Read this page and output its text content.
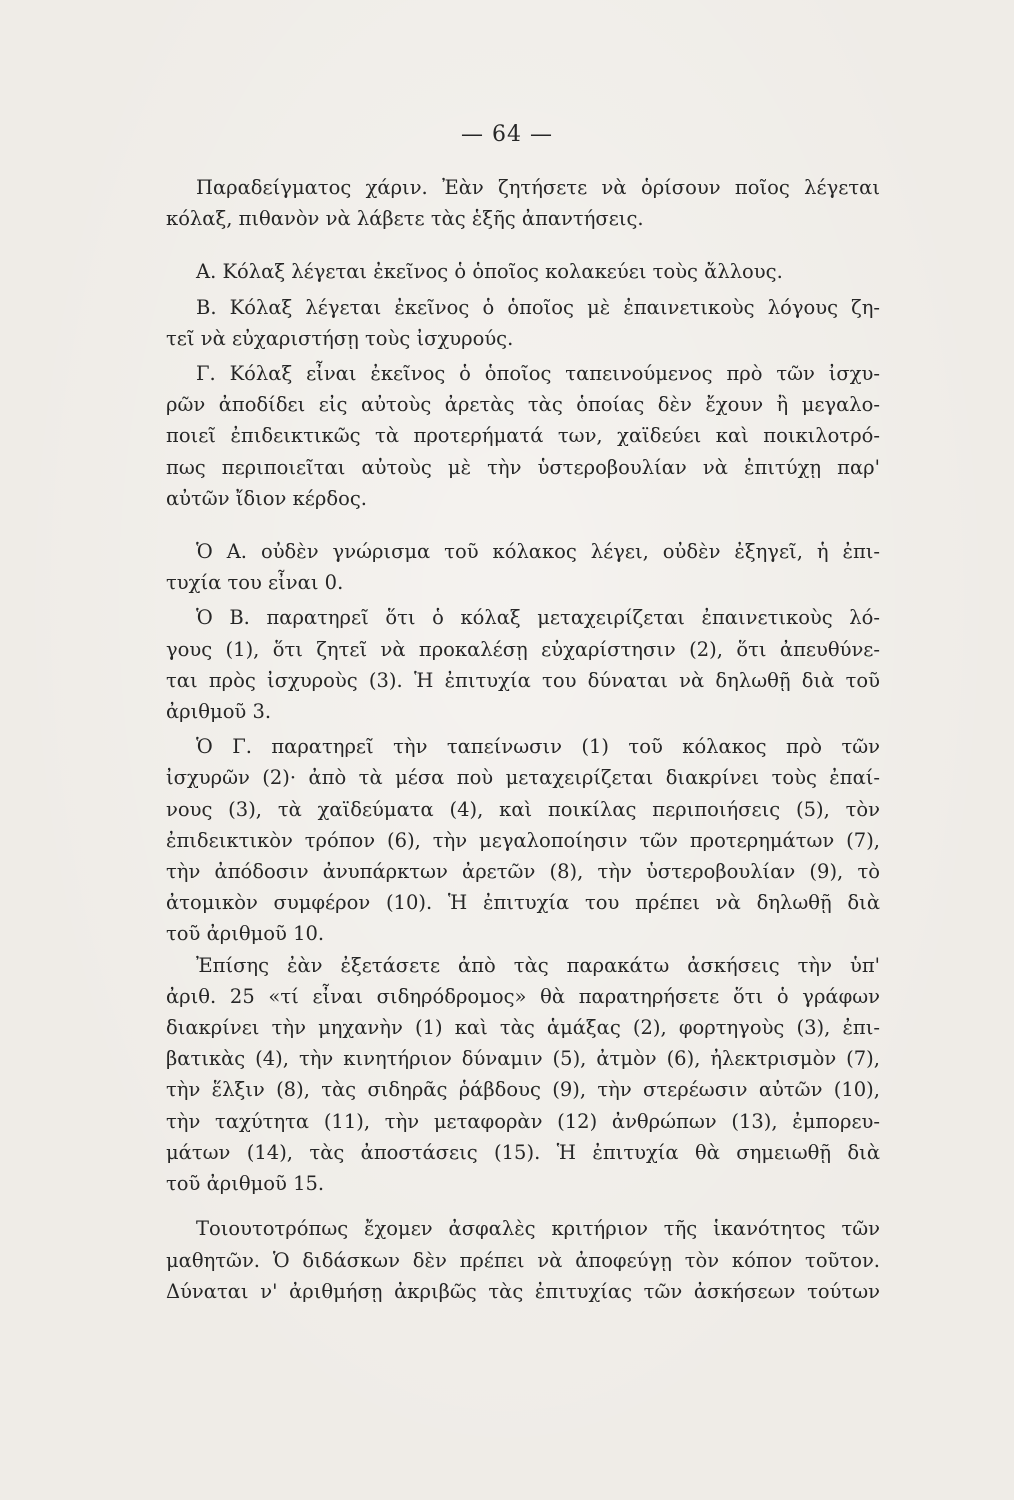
— 64 —

Παραδείγματος χάριν. Ἐὰν ζητήσετε νὰ ὁρίσουν ποῖος λέγεται
κόλαξ, πιθανὸν νὰ λάβετε τὰς ἑξῆς ἀπαντήσεις.

Α. Κόλαξ λέγεται ἐκεῖνος ὁ ὁποῖος κολακεύει τοὺς ἄλλους.

Β. Κόλαξ λέγεται ἐκεῖνος ὁ ὁποῖος μὲ ἐπαινετικοὺς λόγους ζη-
τεῖ νὰ εὐχαριστήσῃ τοὺς ἰσχυρούς.

Γ. Κόλαξ εἶναι ἐκεῖνος ὁ ὁποῖος ταπεινούμενος πρὸ τῶν ἰσχυ-
ρῶν ἀποδίδει εἰς αὐτοὺς ἀρετὰς τὰς ὁποίας δὲν ἔχουν ἢ μεγαλο-
ποιεῖ ἐπιδεικτικῶς τὰ προτερήματά των, χαϊδεύει καὶ ποικιλοτρό-
πως περιποιεῖται αὐτοὺς μὲ τὴν ὑστεροβουλίαν νὰ ἐπιτύχῃ παρ'
αὐτῶν ἴδιον κέρδος.

Ὁ Α. οὐδὲν γνώρισμα τοῦ κόλακος λέγει, οὐδὲν ἐξηγεῖ, ἡ ἐπι-
τυχία του εἶναι 0.

Ὁ Β. παρατηρεῖ ὅτι ὁ κόλαξ μεταχειρίζεται ἐπαινετικοὺς λό-
γους (1), ὅτι ζητεῖ νὰ προκαλέσῃ εὐχαρίστησιν (2), ὅτι ἀπευθύνε-
ται πρὸς ἰσχυροὺς (3). Ἡ ἐπιτυχία του δύναται νὰ δηλωθῇ διὰ τοῦ
ἀριθμοῦ 3.

Ὁ Γ. παρατηρεῖ τὴν ταπείνωσιν (1) τοῦ κόλακος πρὸ τῶν
ἰσχυρῶν (2)· ἀπὸ τὰ μέσα ποὺ μεταχειρίζεται διακρίνει τοὺς ἐπαί-
νους (3), τὰ χαϊδεύματα (4), καὶ ποικίλας περιποιήσεις (5), τὸν
ἐπιδεικτικὸν τρόπον (6), τὴν μεγαλοποίησιν τῶν προτερημάτων (7),
τὴν ἀπόδοσιν ἀνυπάρκτων ἀρετῶν (8), τὴν ὑστεροβουλίαν (9), τὸ
ἀτομικὸν συμφέρον (10). Ἡ ἐπιτυχία του πρέπει νὰ δηλωθῇ διὰ
τοῦ ἀριθμοῦ 10.

Ἐπίσης ἐὰν ἐξετάσετε ἀπὸ τὰς παρακάτω ἀσκήσεις τὴν ὑπ'
ἀριθ. 25 «τί εἶναι σιδηρόδρομος» θὰ παρατηρήσετε ὅτι ὁ γράφων
διακρίνει τὴν μηχανὴν (1) καὶ τὰς ἁμάξας (2), φορτηγοὺς (3), ἐπι-
βατικὰς (4), τὴν κινητήριον δύναμιν (5), ἀτμὸν (6), ἠλεκτρισμὸν (7),
τὴν ἕλξιν (8), τὰς σιδηρᾶς ῥάβδους (9), τὴν στερέωσιν αὐτῶν (10),
τὴν ταχύτητα (11), τὴν μεταφορὰν (12) ἀνθρώπων (13), ἐμπορευ-
μάτων (14), τὰς ἀποστάσεις (15). Ἡ ἐπιτυχία θὰ σημειωθῇ διὰ
τοῦ ἀριθμοῦ 15.

Τοιουτοτρόπως ἔχομεν ἀσφαλὲς κριτήριον τῆς ἱκανότητος τῶν
μαθητῶν. Ὁ διδάσκων δὲν πρέπει νὰ ἀποφεύγῃ τὸν κόπον τοῦτον.
Δύναται ν' ἀριθμήσῃ ἀκριβῶς τὰς ἐπιτυχίας τῶν ἀσκήσεων τούτων
